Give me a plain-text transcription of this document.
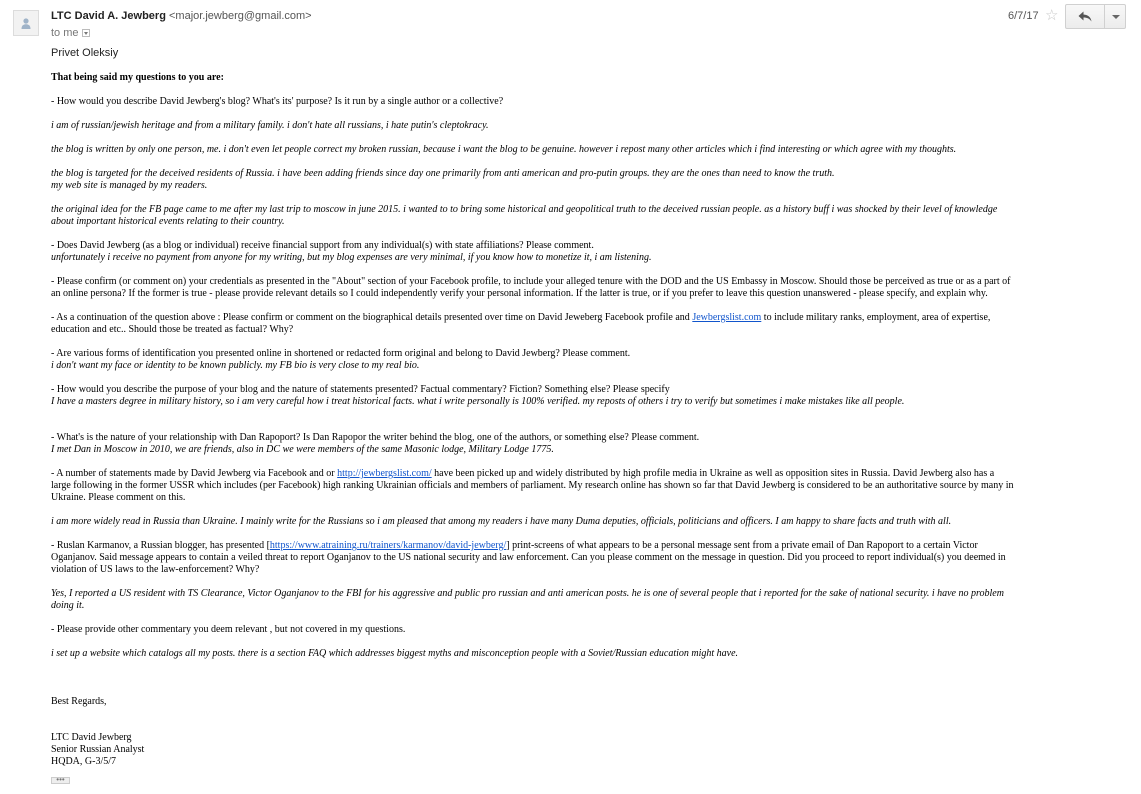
LTC David A. Jewberg <major.jewberg@gmail.com>
to me
6/7/17 ☆
Privet Oleksiy
That being said my questions to you are:
- How would you describe David Jewberg's blog? What's its' purpose? Is it run by a single author or a collective?
i am of russian/jewish heritage and from a military family. i don't hate all russians, i hate putin's cleptokracy.
the blog is written by only one person, me. i don't even let people correct my broken russian, because i want the blog to be genuine. however i repost many other articles which i find interesting or which agree with my thoughts.
the blog is targeted for the deceived residents of Russia. i have been adding friends since day one primarily from anti american and pro-putin groups. they are the ones than need to know the truth.
my web site is managed by my readers.
the original idea for the FB page came to me after my last trip to moscow in june 2015. i wanted to to bring some historical and geopolitical truth to the deceived russian people. as a history buff i was shocked by their level of knowledge
about important historical events relating to their country.
- Does David Jewberg (as a blog or individual) receive financial support from any individual(s) with state affiliations? Please comment.
unfortunately i receive no payment from anyone for my writing, but my blog expenses are very minimal, if you know how to monetize it, i am listening.
- Please confirm (or comment on) your credentials as presented in the "About" section of your Facebook profile, to include your alleged tenure with the DOD and the US Embassy in Moscow. Should those be perceived as true or as a part of
an online persona? If the former is true - please provide relevant details so I could independently verify your personal information. If the latter is true, or if you prefer to leave this question unanswered - please specify, and explain why.
- As a continuation of the question above : Please confirm or comment on the biographical details presented over time on David Jeweberg Facebook profile and Jewbergslist.com to include military ranks, employment, area of expertise,
education and etc.. Should those be treated as factual? Why?
- Are various forms of identification you presented online in shortened or redacted form original and belong to David Jewberg? Please comment.
i don't want my face or identity to be known publicly. my FB bio is very close to my real bio.
- How would you describe the purpose of your blog and the nature of statements presented? Factual commentary? Fiction? Something else? Please specify
I have a masters degree in military history, so i am very careful how i treat historical facts. what i write personally is 100% verified. my reposts of others i try to verify but sometimes i make mistakes like all people.
- What's is the nature of your relationship with Dan Rapoport? Is Dan Rapopor the writer behind the blog, one of the authors, or something else? Please comment.
I met Dan in Moscow in 2010, we are friends, also in DC we were members of the same Masonic lodge, Military Lodge 1775.
- A number of statements made by David Jewberg via Facebook and or http://jewbergslist.com/ have been picked up and widely distributed by high profile media in Ukraine as well as opposition sites in Russia. David Jewberg also has a
large following in the former USSR which includes (per Facebook) high ranking Ukrainian officials and members of parliament. My research online has shown so far that David Jewberg is considered to be an authoritative source by many in
Ukraine. Please comment on this.
i am more widely read in Russia than Ukraine. I mainly write for the Russians so i am pleased that among my readers i have many Duma deputies, officials, politicians and officers. I am happy to share facts and truth with all.
- Ruslan Karmanov, a Russian blogger, has presented [https://www.atraining.ru/trainers/karmanov/david-jewberg/] print-screens of what appears to be a personal message sent from a private email of Dan Rapoport to a certain Victor
Oganjanov. Said message appears to contain a veiled threat to report Oganjanov to the US national security and law enforcement. Can you please comment on the message in question. Did you proceed to report individual(s) you deemed in
violation of US laws to the law-enforcement? Why?
Yes, I reported a US resident with TS Clearance, Victor Oganjanov to the FBI for his aggressive and public pro russian and anti american posts. he is one of several people that i reported for the sake of national security. i have no problem
doing it.
- Please provide other commentary you deem relevant , but not covered in my questions.
i set up a website which catalogs all my posts. there is a section FAQ which addresses biggest myths and misconception people with a Soviet/Russian education might have.
Best Regards,
LTC David Jewberg
Senior Russian Analyst
HQDA, G-3/5/7
•••
